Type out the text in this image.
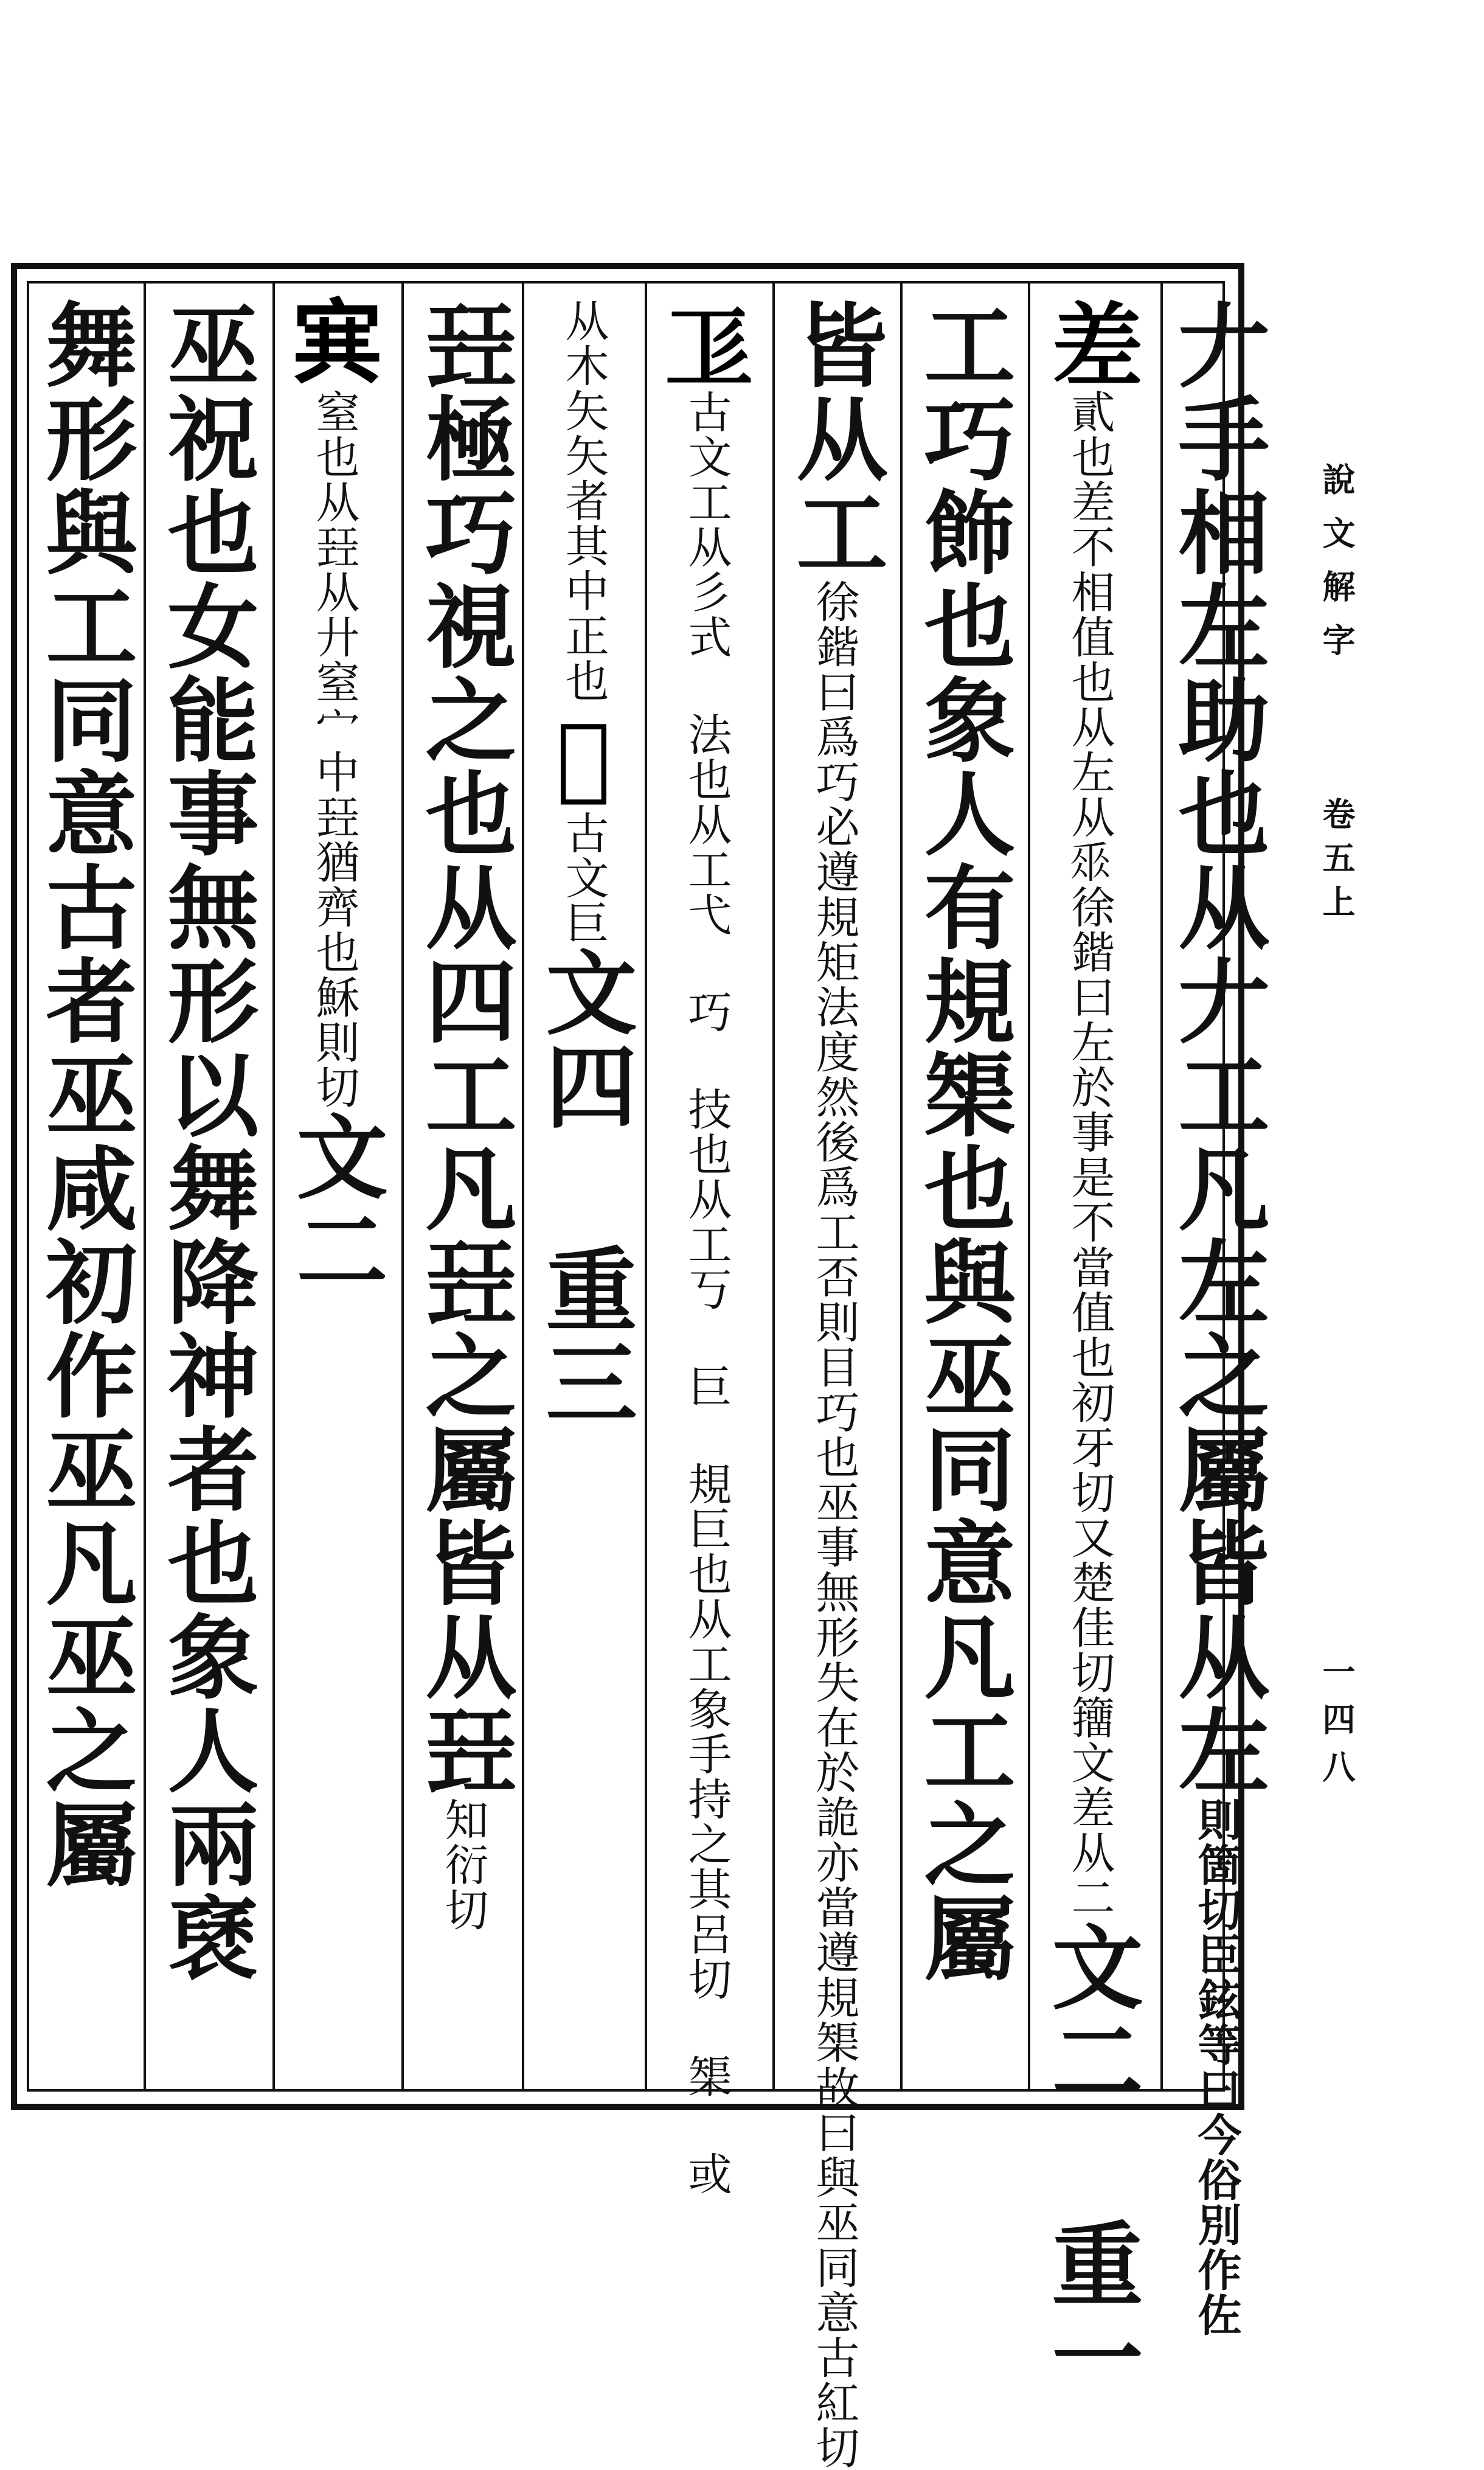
說文解字
卷五上
一四八
𠂇手相左助也从𠂇工凡左之屬皆从左則箇切臣鉉等曰今俗別作佐
差貳也差不相值也从左从𠂹徐鍇曰左於事是不當值也初牙切又楚佳切籒文差从二文二 重一
工巧飾也象人有規榘也與巫同意凡工之屬
皆从工徐鍇曰爲巧必遵規矩法度然後爲工否則目巧也巫事無形失在於詭亦當遵規榘故曰與巫同意古紅切
𢒄古文工从彡式 法也从工弋 巧 技也从工丂 巨 規巨也从工象手持之其呂切 榘 或
从木矢矢者其中正也𠂀古文巨文四 重三
㠭極巧視之也从四工凡㠭之屬皆从㠭知衍切
𡨄窒也从㠭从廾窒宀中㠭猶齊也穌則切文二
巫祝也女能事無形以舞降神者也象人兩褎
舞形與工同意古者巫咸初作巫凡巫之屬
